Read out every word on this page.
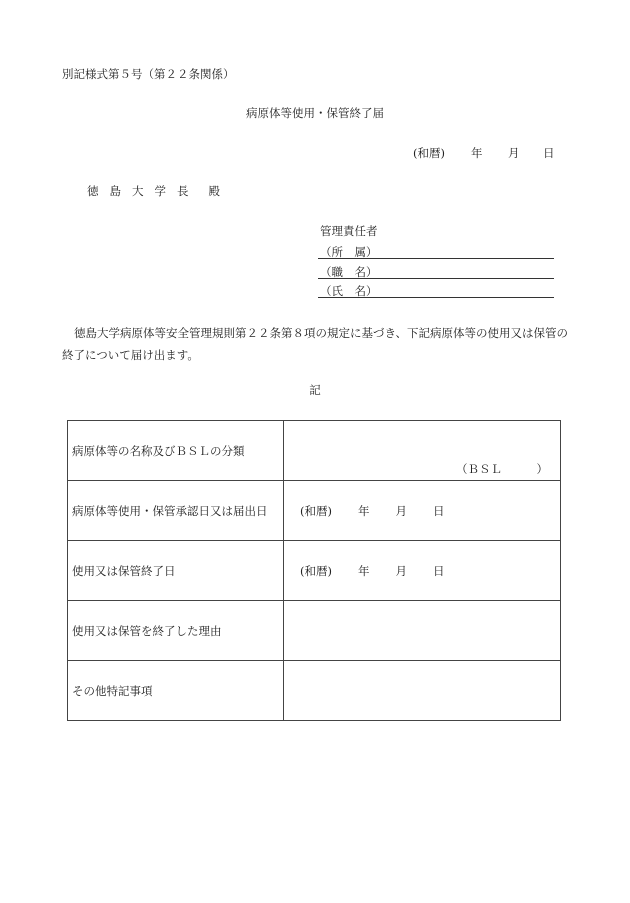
別記様式第５号（第２２条関係）
病原体等使用・保管終了届
(和暦) 年 月 日
徳 島 大 学 長 殿
管理責任者
（所　属）
（職　名）
（氏　名）
徳島大学病原体等安全管理規則第２２条第８項の規定に基づき、下記病原体等の使用又は保管の終了について届け出ます。
記
病原体等の名称及びＢＳＬの分類	（ＢＳＬ　　　）

病原体等使用・保管承認日又は届出日	(和暦) 年 月 日
使用又は保管終了日	(和暦) 年 月 日
使用又は保管を終了した理由	
その他特記事項	
